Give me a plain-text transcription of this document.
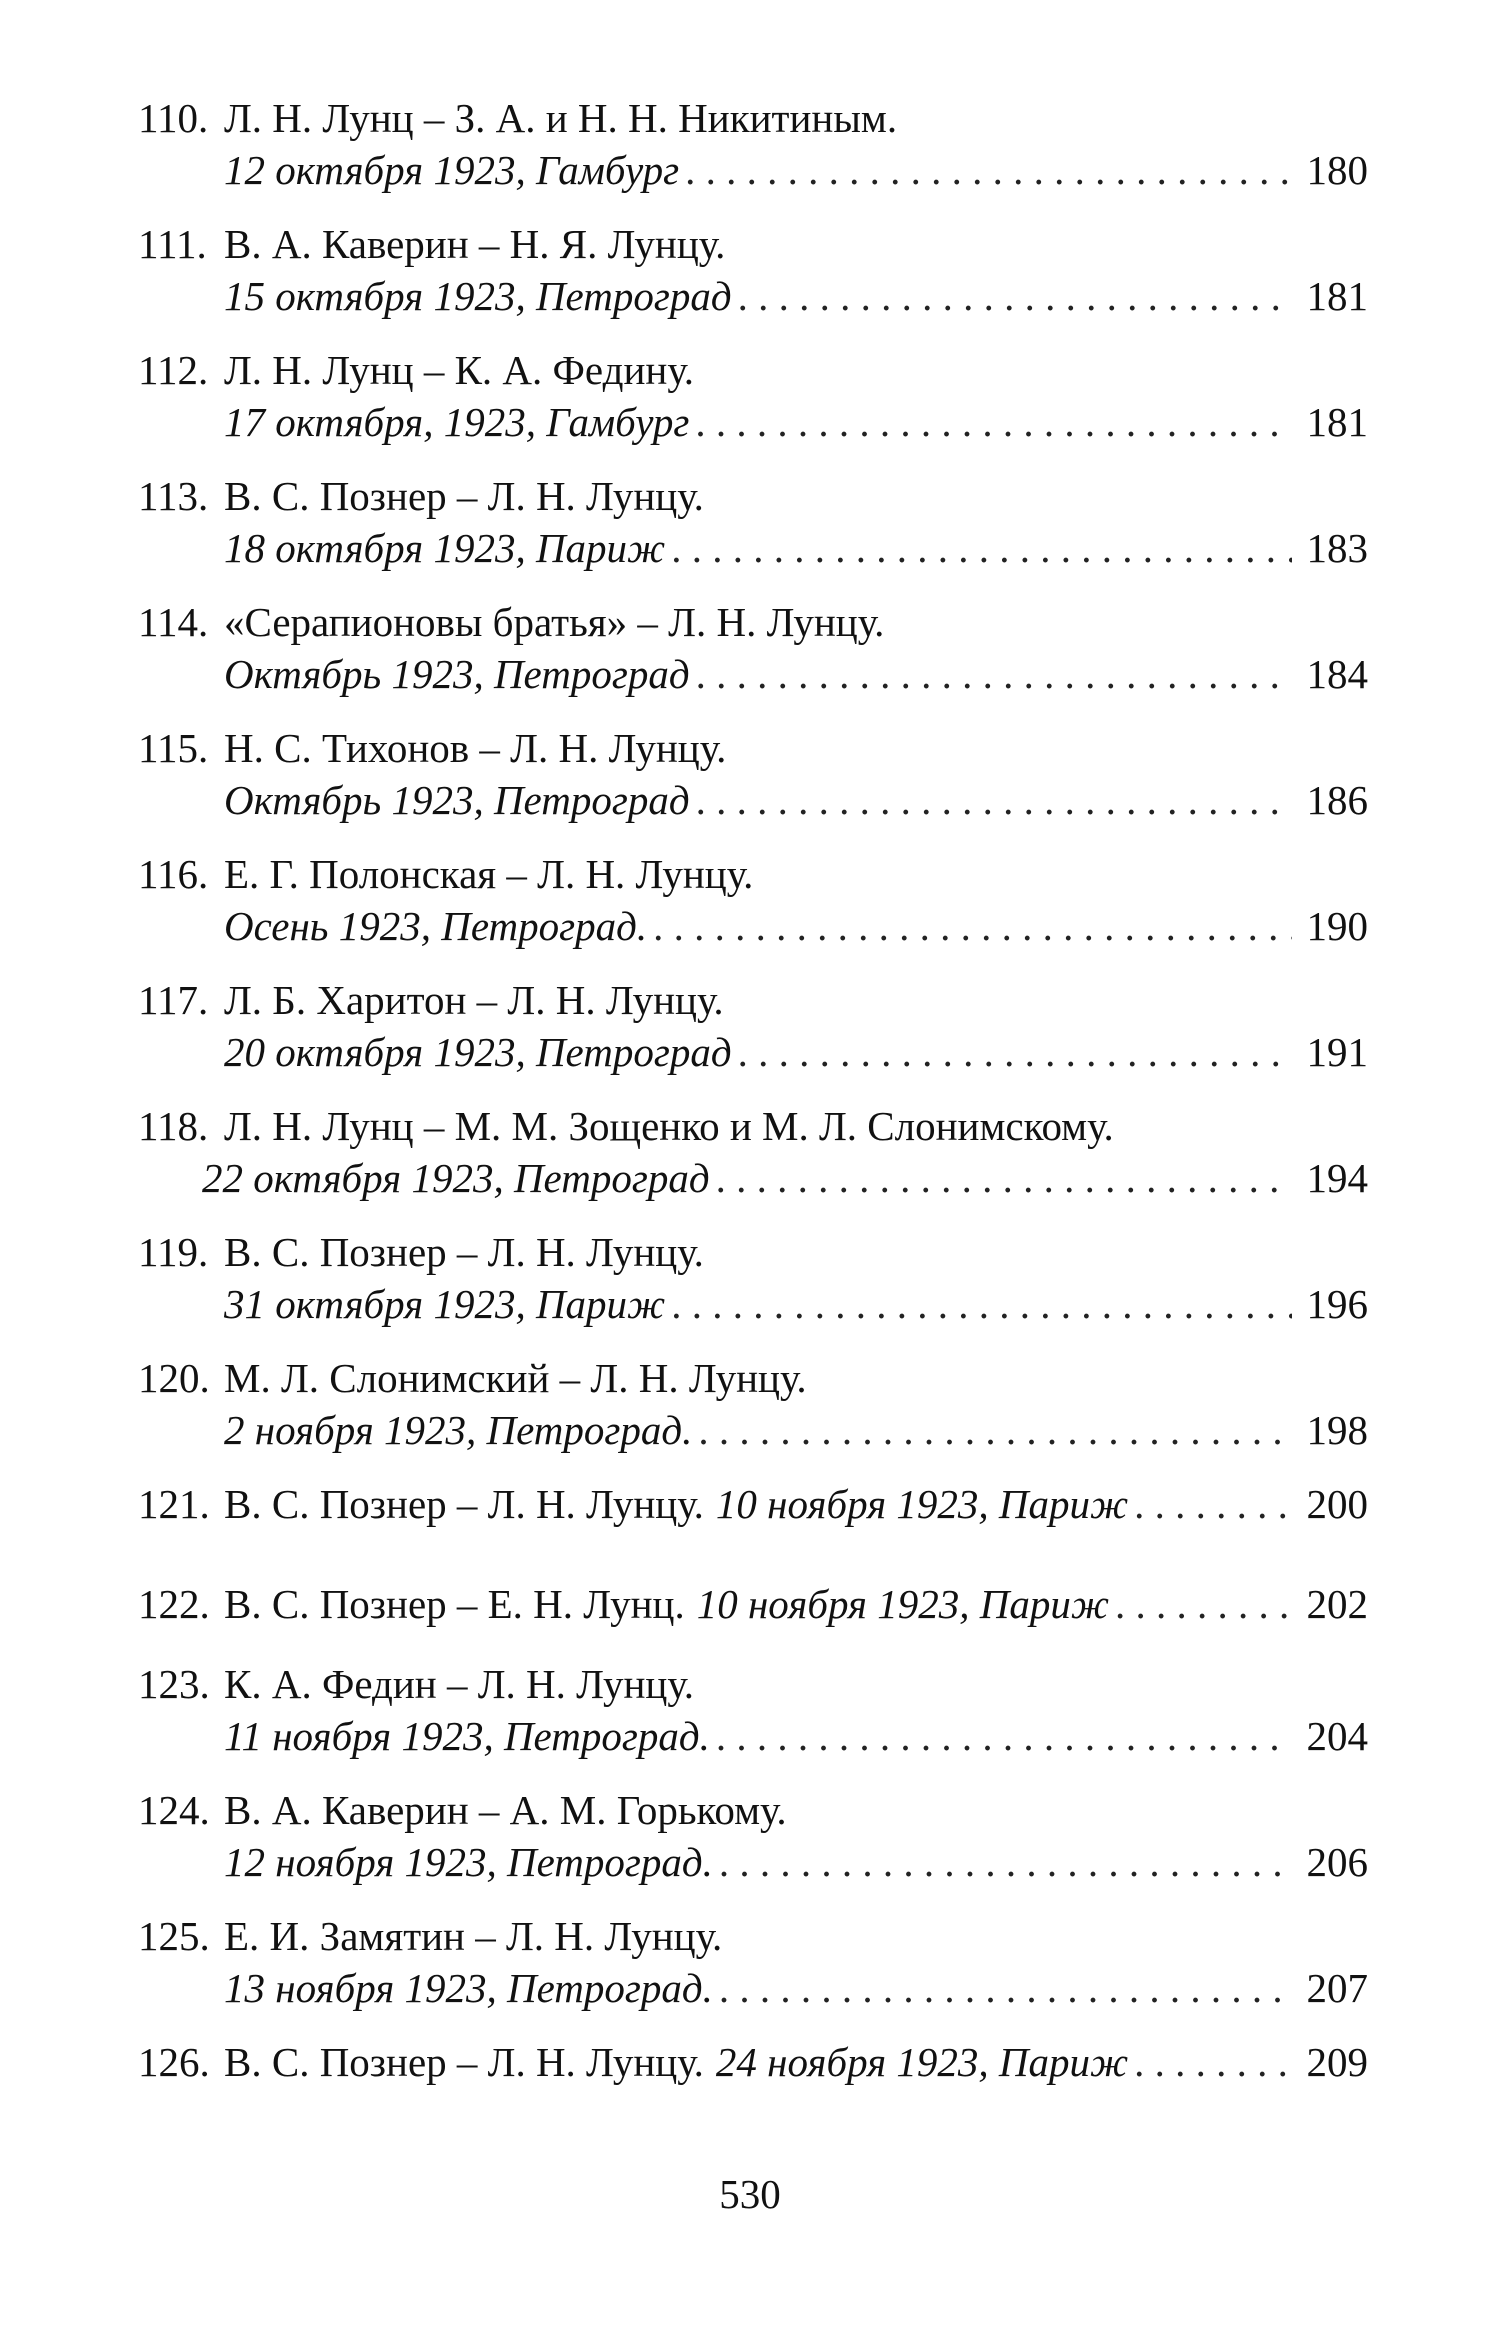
110. Л. Н. Лунц – З. А. и Н. Н. Никитиным.
12 октября 1923, Гамбург . . .	180
111. В. А. Каверин – Н. Я. Лунцу.
15 октября 1923, Петроград . . .	181
112. Л. Н. Лунц – К. А. Федину.
17 октября, 1923, Гамбург . . .	181
113. В. С. Познер – Л. Н. Лунцу.
18 октября 1923, Париж . . .	183
114. «Серапионовы братья» – Л. Н. Лунцу.
Октябрь 1923, Петроград . . .	184
115. Н. С. Тихонов – Л. Н. Лунцу.
Октябрь 1923, Петроград . . .	186
116. Е. Г. Полонская – Л. Н. Лунцу.
Осень 1923, Петроград. . . .	190
117. Л. Б. Харитон – Л. Н. Лунцу.
20 октября 1923, Петроград . . .	191
118. Л. Н. Лунц – М. М. Зощенко и М. Л. Слонимскому.
22 октября 1923, Петроград . . .	194
119. В. С. Познер – Л. Н. Лунцу.
31 октября 1923, Париж . . .	196
120. М. Л. Слонимский – Л. Н. Лунцу.
2 ноября 1923, Петроград. . . .	198
121. В. С. Познер – Л. Н. Лунцу. 10 ноября 1923, Париж . . .	200
122. В. С. Познер – Е. Н. Лунц. 10 ноября 1923, Париж . . .	202
123. К. А. Федин – Л. Н. Лунцу.
11 ноября 1923, Петроград. . . .	204
124. В. А. Каверин – А. М. Горькому.
12 ноября 1923, Петроград. . . .	206
125. Е. И. Замятин – Л. Н. Лунцу.
13 ноября 1923, Петроград. . . .	207
126. В. С. Познер – Л. Н. Лунцу. 24 ноября 1923, Париж . . .	209
530
